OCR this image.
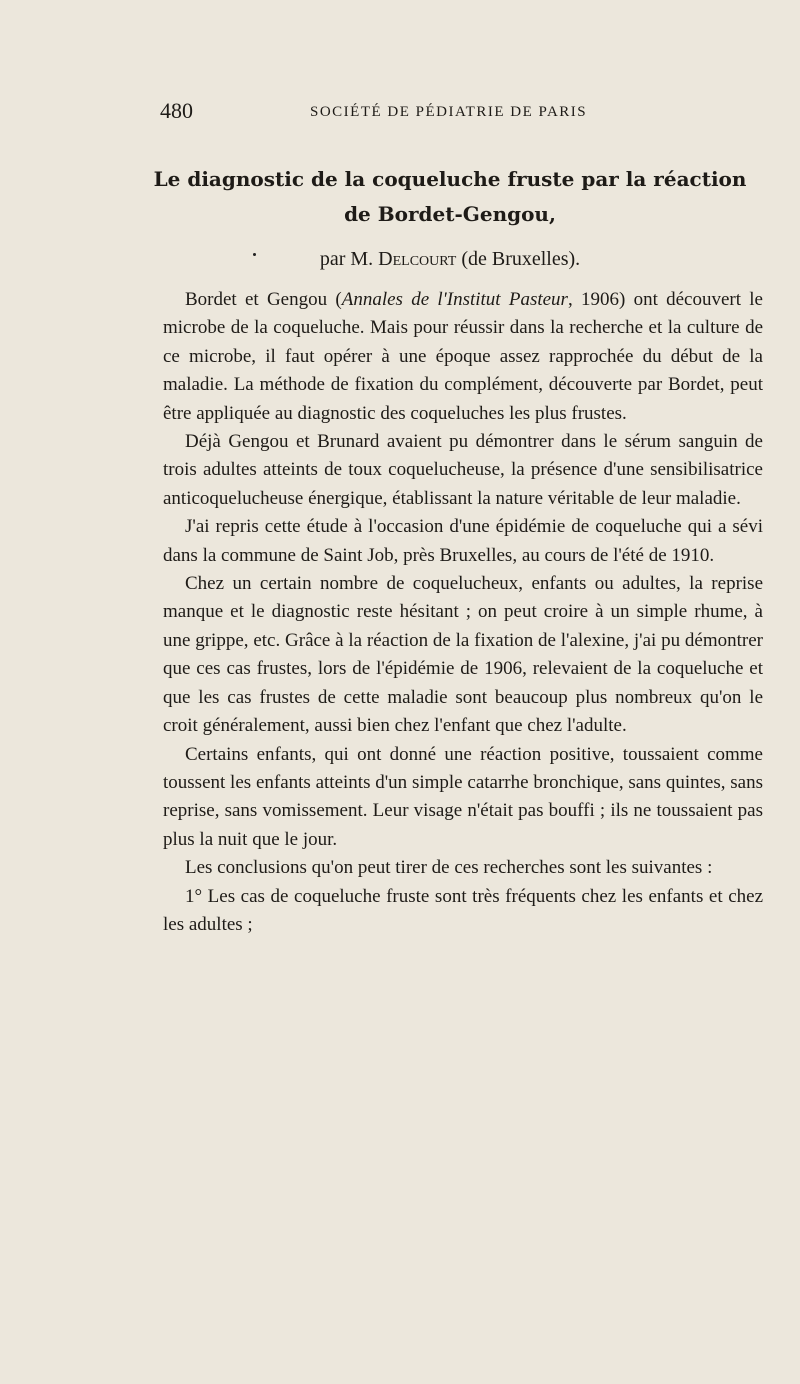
480	SOCIÉTÉ DE PÉDIATRIE DE PARIS
Le diagnostic de la coqueluche fruste par la réaction
de Bordet-Gengou,
par M. Delcourt (de Bruxelles).

Bordet et Gengou (Annales de l'Institut Pasteur, 1906) ont découvert le microbe de la coqueluche. Mais pour réussir dans la recherche et la culture de ce microbe, il faut opérer à une époque assez rapprochée du début de la maladie. La méthode de fixation du complément, découverte par Bordet, peut être appliquée au diagnostic des coqueluches les plus frustes.

Déjà Gengou et Brunard avaient pu démontrer dans le sérum sanguin de trois adultes atteints de toux coquelucheuse, la présence d'une sensibilisatrice anticoquelucheuse énergique, établissant la nature véritable de leur maladie.

J'ai repris cette étude à l'occasion d'une épidémie de coqueluche qui a sévi dans la commune de Saint Job, près Bruxelles, au cours de l'été de 1910.

Chez un certain nombre de coquelucheux, enfants ou adultes, la reprise manque et le diagnostic reste hésitant ; on peut croire à un simple rhume, à une grippe, etc. Grâce à la réaction de la fixation de l'alexine, j'ai pu démontrer que ces cas frustes, lors de l'épidémie de 1906, relevaient de la coqueluche et que les cas frustes de cette maladie sont beaucoup plus nombreux qu'on le croit généralement, aussi bien chez l'enfant que chez l'adulte.

Certains enfants, qui ont donné une réaction positive, toussaient comme toussent les enfants atteints d'un simple catarrhe bronchique, sans quintes, sans reprise, sans vomissement. Leur visage n'était pas bouffi ; ils ne toussaient pas plus la nuit que le jour.

Les conclusions qu'on peut tirer de ces recherches sont les suivantes :

1° Les cas de coqueluche fruste sont très fréquents chez les enfants et chez les adultes ;
